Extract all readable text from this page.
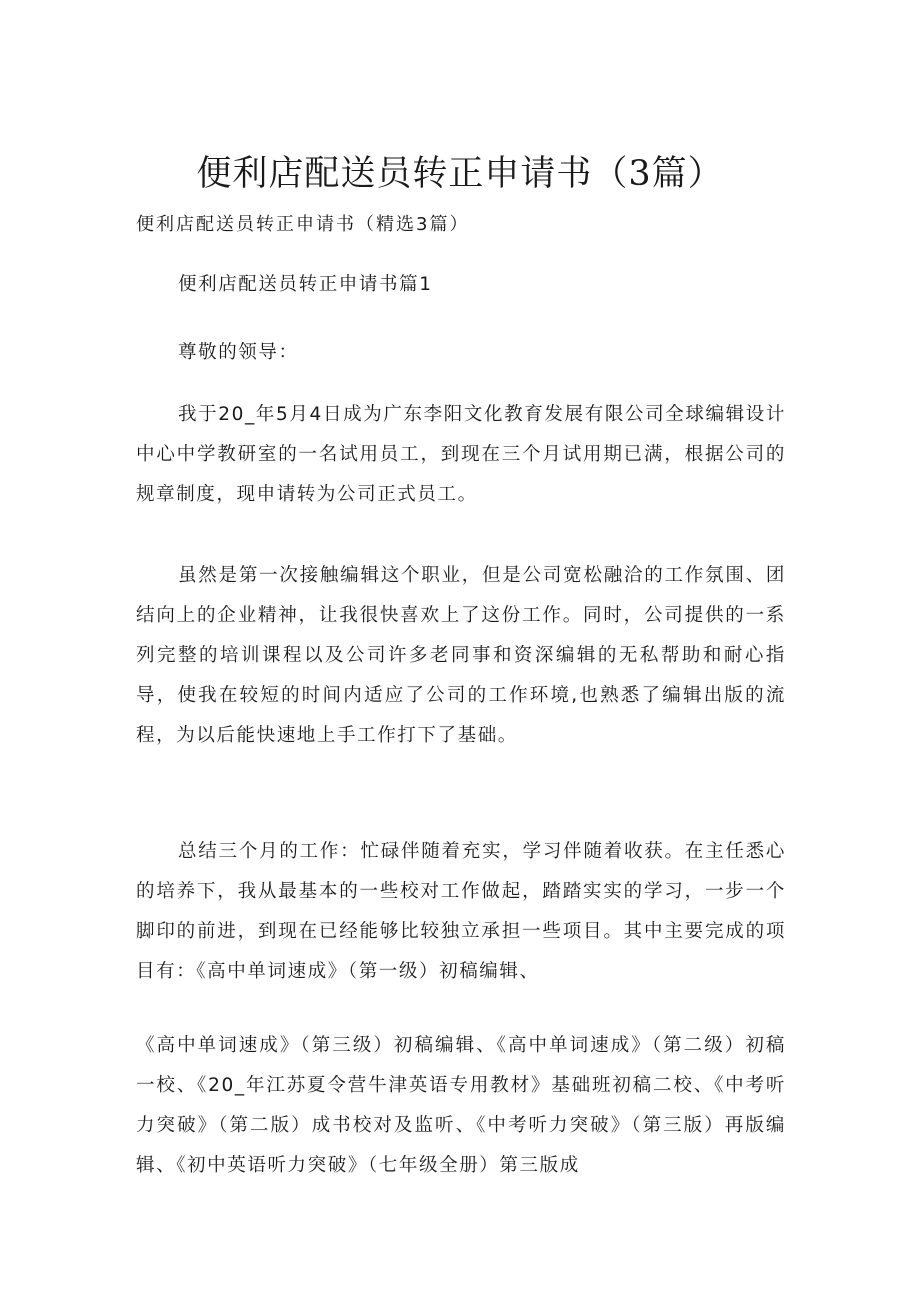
便利店配送员转正申请书（3篇）
便利店配送员转正申请书（精选3篇）

便利店配送员转正申请书篇1

尊敬的领导：

我于20_年5月4日成为广东李阳文化教育发展有限公司全球编辑设计中心中学教研室的一名试用员工，到现在三个月试用期已满，根据公司的规章制度，现申请转为公司正式员工。

虽然是第一次接触编辑这个职业，但是公司宽松融洽的工作氛围、团结向上的企业精神，让我很快喜欢上了这份工作。同时，公司提供的一系列完整的培训课程以及公司许多老同事和资深编辑的无私帮助和耐心指导，使我在较短的时间内适应了公司的工作环境,也熟悉了编辑出版的流程，为以后能快速地上手工作打下了基础。

总结三个月的工作：忙碌伴随着充实，学习伴随着收获。在主任悉心的培养下，我从最基本的一些校对工作做起，踏踏实实的学习，一步一个脚印的前进，到现在已经能够比较独立承担一些项目。其中主要完成的项目有：《高中单词速成》（第一级）初稿编辑、

《高中单词速成》（第三级）初稿编辑、《高中单词速成》（第二级）初稿一校、《20_年江苏夏令营牛津英语专用教材》基础班初稿二校、《中考听力突破》（第二版）成书校对及监听、《中考听力突破》（第三版）再版编辑、《初中英语听力突破》（七年级全册）第三版成
